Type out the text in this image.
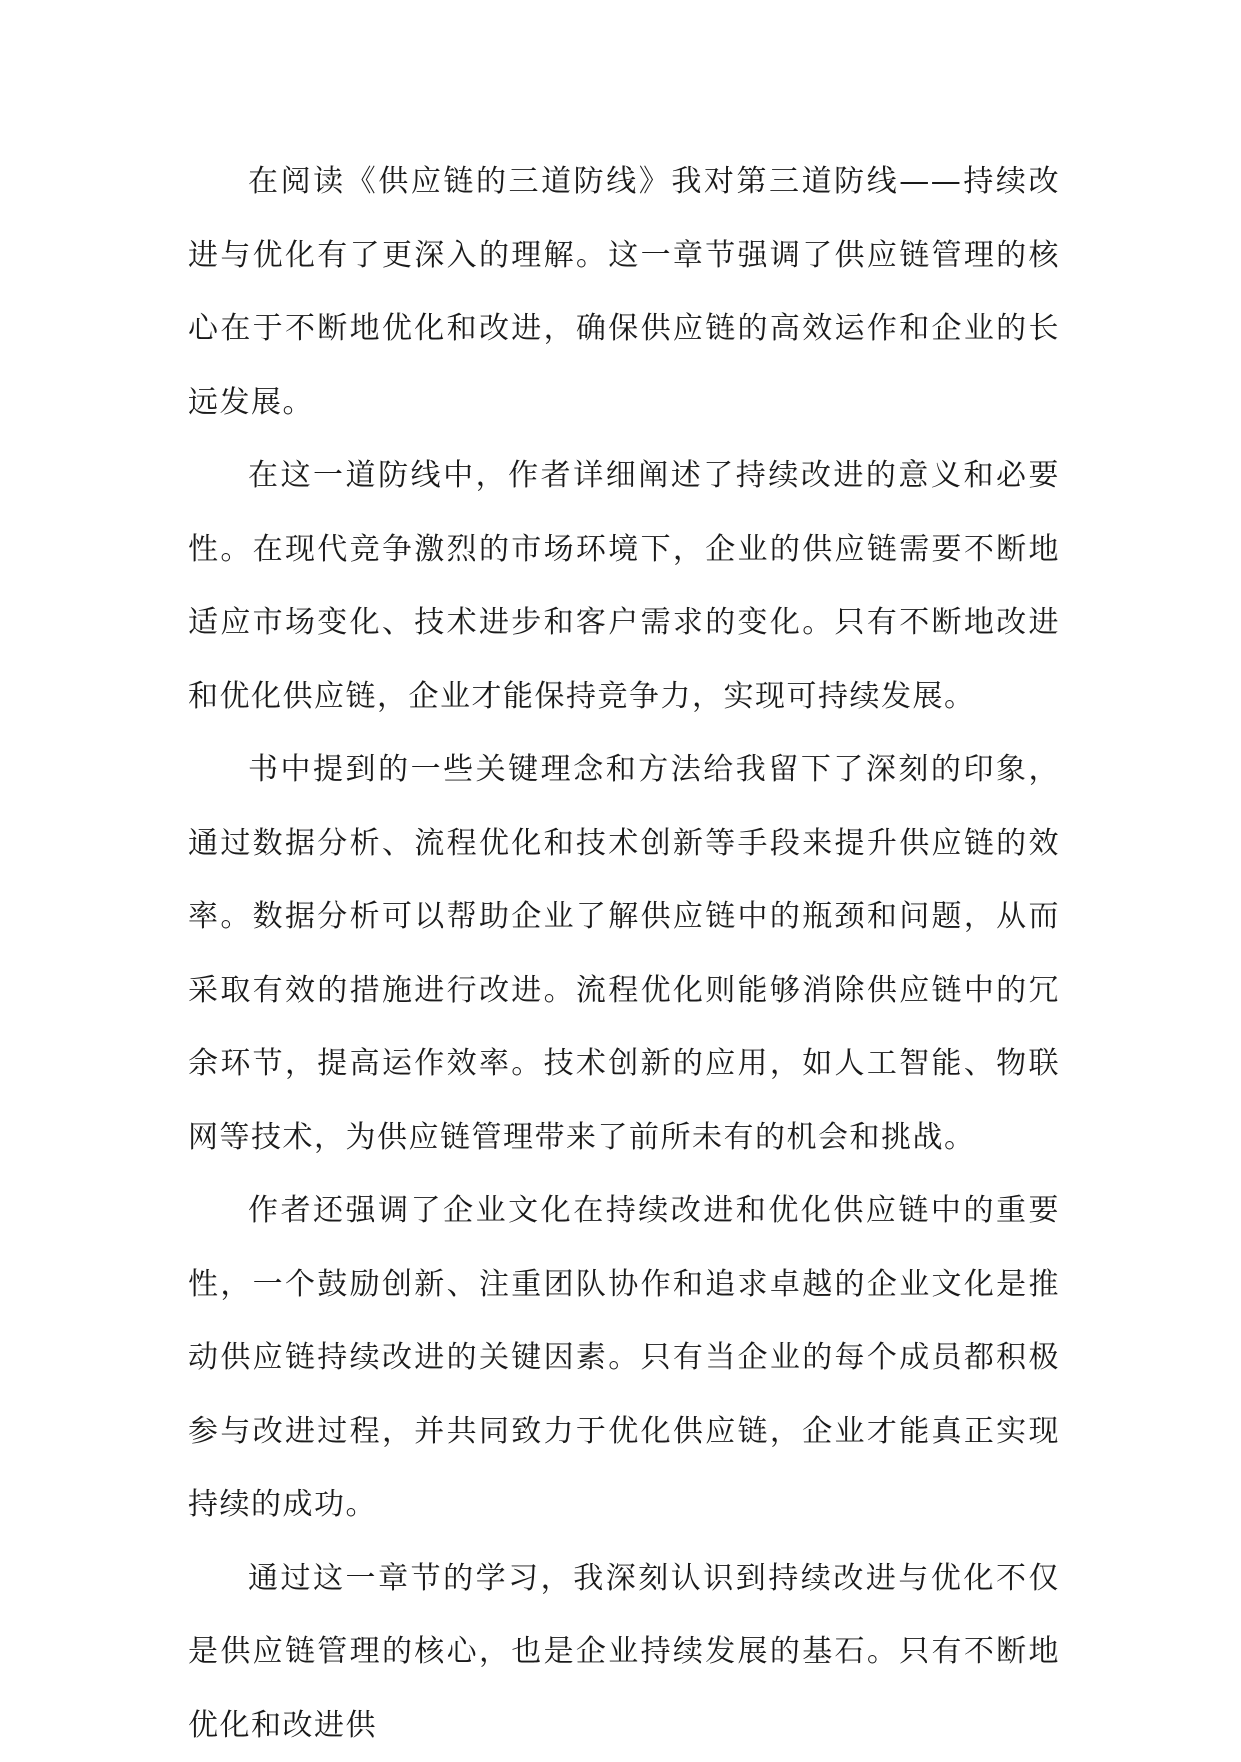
在阅读《供应链的三道防线》我对第三道防线——持续改进与优化有了更深入的理解。这一章节强调了供应链管理的核心在于不断地优化和改进，确保供应链的高效运作和企业的长远发展。

在这一道防线中，作者详细阐述了持续改进的意义和必要性。在现代竞争激烈的市场环境下，企业的供应链需要不断地适应市场变化、技术进步和客户需求的变化。只有不断地改进和优化供应链，企业才能保持竞争力，实现可持续发展。

书中提到的一些关键理念和方法给我留下了深刻的印象，通过数据分析、流程优化和技术创新等手段来提升供应链的效率。数据分析可以帮助企业了解供应链中的瓶颈和问题，从而采取有效的措施进行改进。流程优化则能够消除供应链中的冗余环节，提高运作效率。技术创新的应用，如人工智能、物联网等技术，为供应链管理带来了前所未有的机会和挑战。

作者还强调了企业文化在持续改进和优化供应链中的重要性，一个鼓励创新、注重团队协作和追求卓越的企业文化是推动供应链持续改进的关键因素。只有当企业的每个成员都积极参与改进过程，并共同致力于优化供应链，企业才能真正实现持续的成功。

通过这一章节的学习，我深刻认识到持续改进与优化不仅是供应链管理的核心，也是企业持续发展的基石。只有不断地优化和改进供
